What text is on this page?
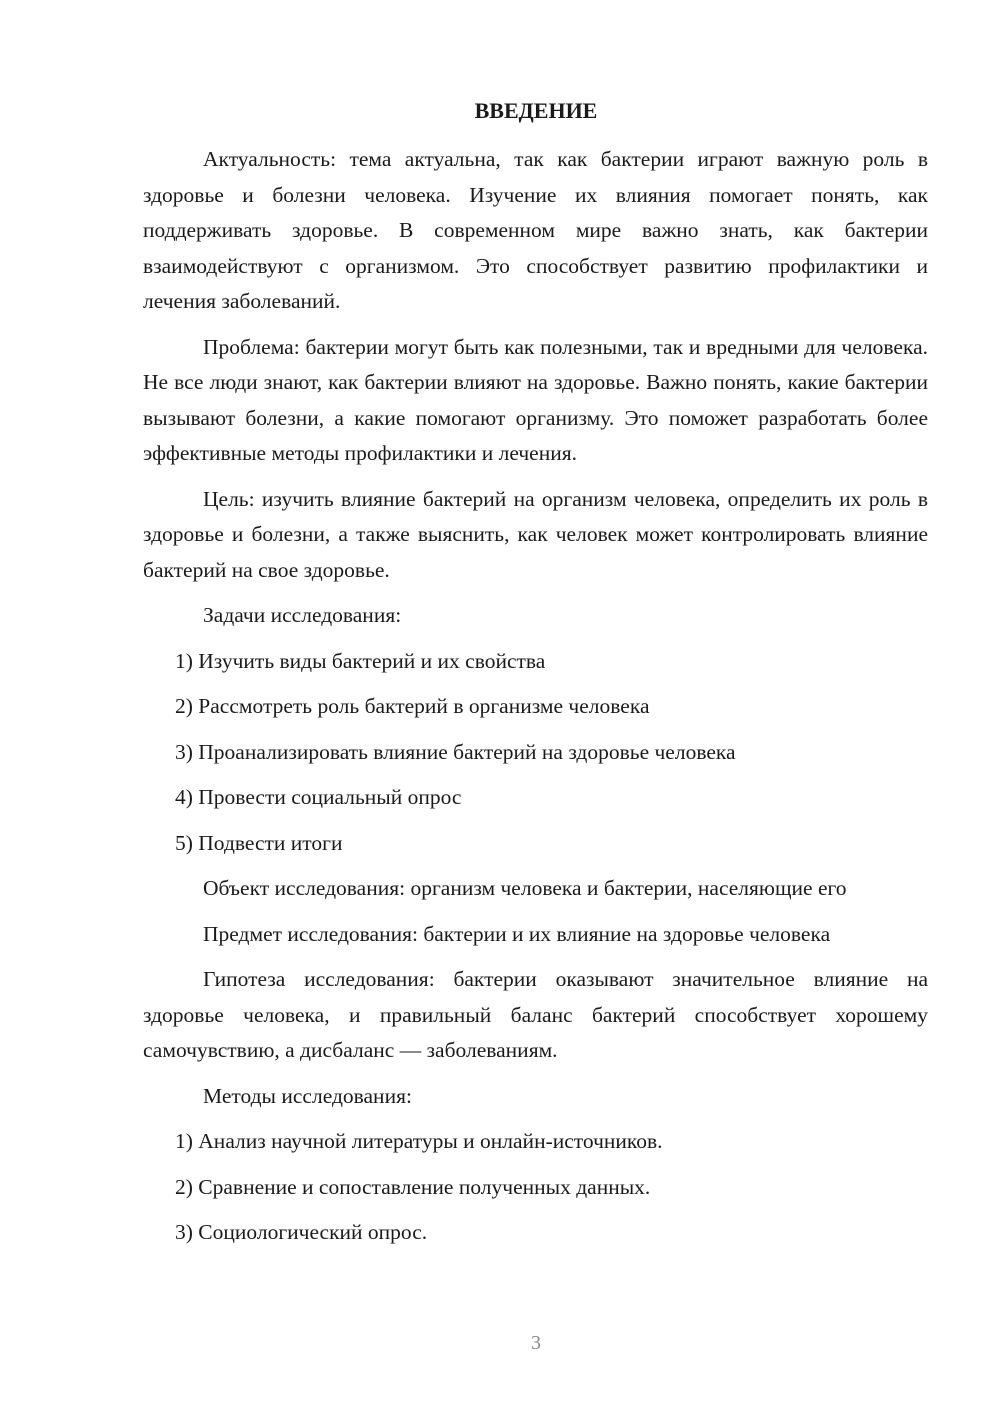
ВВЕДЕНИЕ

Актуальность: тема актуальна, так как бактерии играют важную роль в здоровье и болезни человека. Изучение их влияния помогает понять, как поддерживать здоровье. В современном мире важно знать, как бактерии взаимодействуют с организмом. Это способствует развитию профилактики и лечения заболеваний.

Проблема: бактерии могут быть как полезными, так и вредными для человека. Не все люди знают, как бактерии влияют на здоровье. Важно понять, какие бактерии вызывают болезни, а какие помогают организму. Это поможет разработать более эффективные методы профилактики и лечения.

Цель: изучить влияние бактерий на организм человека, определить их роль в здоровье и болезни, а также выяснить, как человек может контролировать влияние бактерий на свое здоровье.

Задачи исследования:
1) Изучить виды бактерий и их свойства
2) Рассмотреть роль бактерий в организме человека
3) Проанализировать влияние бактерий на здоровье человека
4) Провести социальный опрос
5) Подвести итоги

Объект исследования: организм человека и бактерии, населяющие его

Предмет исследования: бактерии и их влияние на здоровье человека

Гипотеза исследования: бактерии оказывают значительное влияние на здоровье человека, и правильный баланс бактерий способствует хорошему самочувствию, а дисбаланс — заболеваниям.

Методы исследования:
1) Анализ научной литературы и онлайн-источников.
2) Сравнение и сопоставление полученных данных.
3) Социологический опрос.
3
